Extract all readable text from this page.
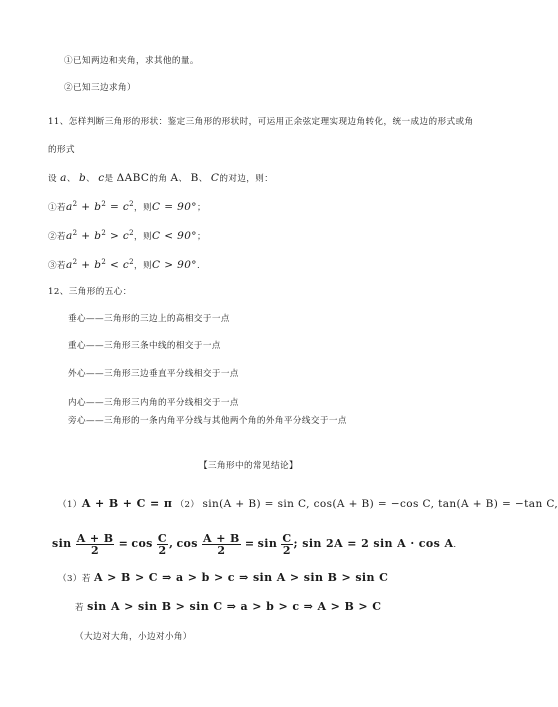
①已知两边和夹角，求其他的量。
②已知三边求角）
11、怎样判断三角形的形状：鉴定三角形的形状时，可运用正余弦定理实现边角转化，统一成边的形式或角
的形式
设 a、 b、 c是 ΔABC的角 A、 B、 C的对边，则：
①若$a^2 + b^2 = c^2$，则C = 90°；
②若$a^2 + b^2 > c^2$，则C < 90°；
③若$a^2 + b^2 < c^2$，则C > 90°.
12、三角形的五心：
垂心——三角形的三边上的高相交于一点
重心——三角形三条中线的相交于一点
外心——三角形三边垂直平分线相交于一点
内心——三角形三内角的平分线相交于一点
旁心——三角形的一条内角平分线与其他两个角的外角平分线交于一点
【三角形中的常见结论】
（1）A + B + C = π （2） sin(A + B) = sin C, cos(A + B) = −cos C, tan(A + B) = −tan C,
$\sin \frac{A + B}{2} = \cos \frac{C}{2}$ , $\cos \frac{A + B}{2} = \sin \frac{C}{2}$ ; sin 2A = 2 sin A · cos A.
（3）若 A > B > C ⇒ a > b > c ⇒ sin A > sin B > sin C
若 sin A > sin B > sin C ⇒ a > b > c ⇒ A > B > C
（大边对大角，小边对小角）
